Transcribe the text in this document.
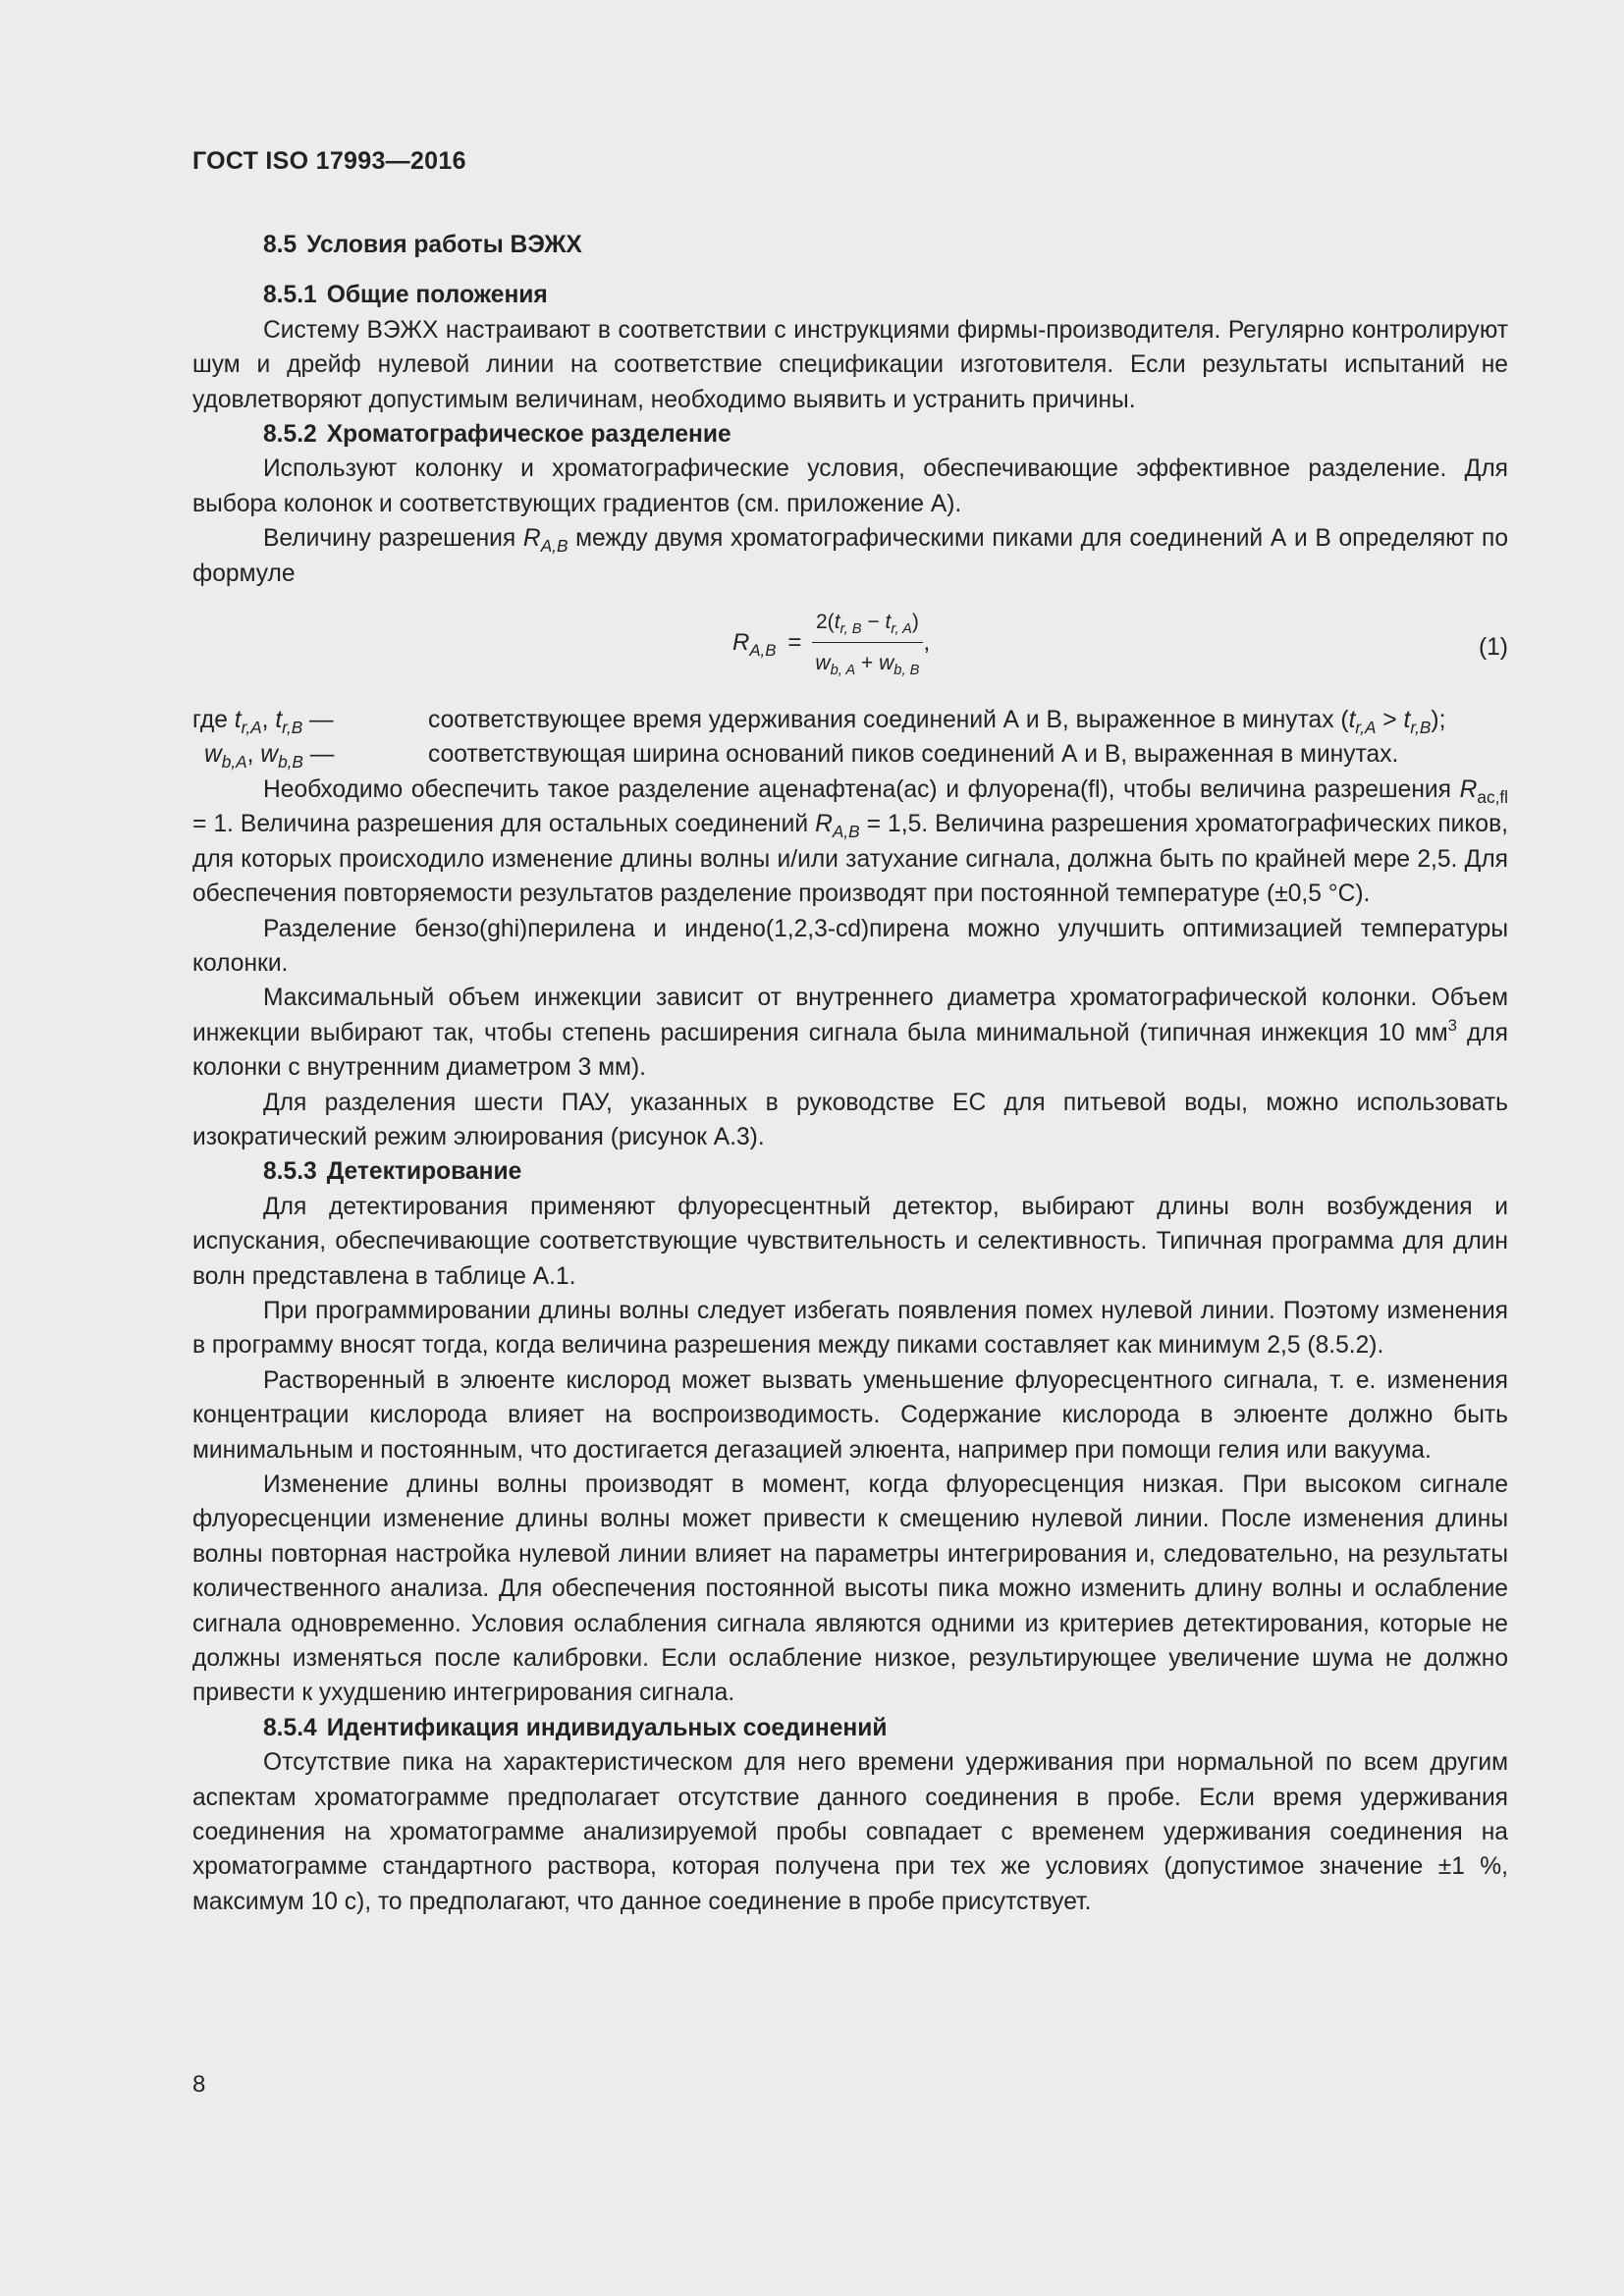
ГОСТ ISO 17993—2016
8.5 Условия работы ВЭЖХ
8.5.1 Общие положения

Систему ВЭЖХ настраивают в соответствии с инструкциями фирмы-производителя. Регулярно контролируют шум и дрейф нулевой линии на соответствие спецификации изготовителя. Если результаты испытаний не удовлетворяют допустимым величинам, необходимо выявить и устранить причины.

8.5.2 Хроматографическое разделение

Используют колонку и хроматографические условия, обеспечивающие эффективное разделение. Для выбора колонок и соответствующих градиентов (см. приложение А).

Величину разрешения $R_{A,B}$ между двумя хроматографическими пиками для соединений А и В определяют по формуле

$R_{A,B} = \frac{2(t_{r, B} - t_{r, A})}{w_{b, A} + w_{b, B}}$ ,	(1)
где $t_{r,A}$, $t_{r,B}$ —	соответствующее время удерживания соединений А и В, выраженное в минутах $(t_{r,A} > t_{r,B})$;
$w_{b,A}$, $w_{b,B}$ —	соответствующая ширина оснований пиков соединений А и В, выраженная в минутах.

Необходимо обеспечить такое разделение аценафтена(ac) и флуорена(fl), чтобы величина разрешения $R_{ac,fl} = 1$. Величина разрешения для остальных соединений $R_{A,B} = 1,5$. Величина разрешения хроматографических пиков, для которых происходило изменение длины волны и/или затухание сигнала, должна быть по крайней мере 2,5. Для обеспечения повторяемости результатов разделение производят при постоянной температуре (±0,5 °С).

Разделение бензо(ghi)перилена и индено(1,2,3-cd)пирена можно улучшить оптимизацией температуры колонки.

Максимальный объем инжекции зависит от внутреннего диаметра хроматографической колонки. Объем инжекции выбирают так, чтобы степень расширения сигнала была минимальной (типичная инжекция 10 $мм^3$ для колонки с внутренним диаметром 3 мм).

Для разделения шести ПАУ, указанных в руководстве ЕС для питьевой воды, можно использовать изократический режим элюирования (рисунок А.3).

8.5.3 Детектирование

Для детектирования применяют флуоресцентный детектор, выбирают длины волн возбуждения и испускания, обеспечивающие соответствующие чувствительность и селективность. Типичная программа для длин волн представлена в таблице А.1.

При программировании длины волны следует избегать появления помех нулевой линии. Поэтому изменения в программу вносят тогда, когда величина разрешения между пиками составляет как минимум 2,5 (8.5.2).

Растворенный в элюенте кислород может вызвать уменьшение флуоресцентного сигнала, т. е. изменения концентрации кислорода влияет на воспроизводимость. Содержание кислорода в элюенте должно быть минимальным и постоянным, что достигается дегазацией элюента, например при помощи гелия или вакуума.

Изменение длины волны производят в момент, когда флуоресценция низкая. При высоком сигнале флуоресценции изменение длины волны может привести к смещению нулевой линии. После изменения длины волны повторная настройка нулевой линии влияет на параметры интегрирования и, следовательно, на результаты количественного анализа. Для обеспечения постоянной высоты пика можно изменить длину волны и ослабление сигнала одновременно. Условия ослабления сигнала являются одними из критериев детектирования, которые не должны изменяться после калибровки. Если ослабление низкое, результирующее увеличение шума не должно привести к ухудшению интегрирования сигнала.

8.5.4 Идентификация индивидуальных соединений

Отсутствие пика на характеристическом для него времени удерживания при нормальной по всем другим аспектам хроматограмме предполагает отсутствие данного соединения в пробе. Если время удерживания соединения на хроматограмме анализируемой пробы совпадает с временем удерживания соединения на хроматограмме стандартного раствора, которая получена при тех же условиях (допустимое значение ±1 %, максимум 10 с), то предполагают, что данное соединение в пробе присутствует.

8
